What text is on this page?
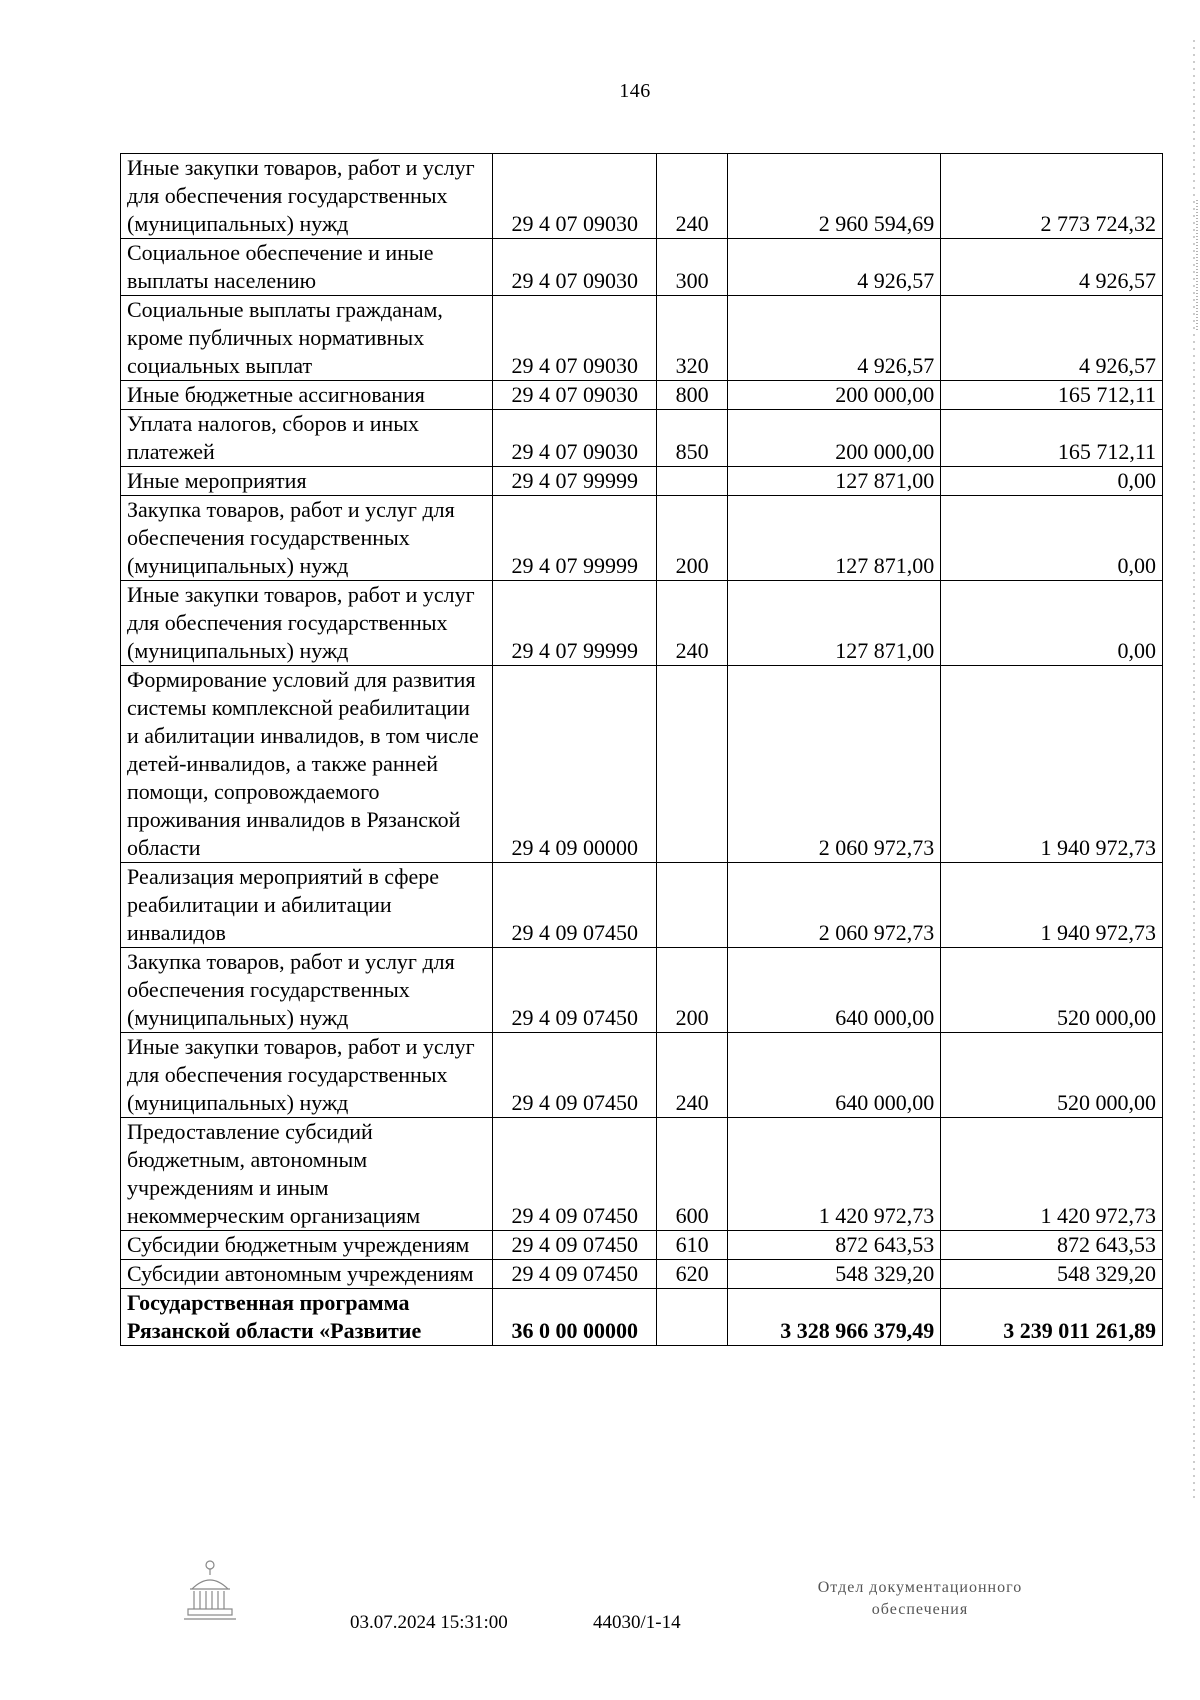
146
Иные закупки товаров, работ и услуг для обеспечения государственных (муниципальных) нужд	29 4 07 09030	240	2 960 594,69	2 773 724,32
Социальное обеспечение и иные выплаты населению	29 4 07 09030	300	4 926,57	4 926,57
Социальные выплаты гражданам, кроме публичных нормативных социальных выплат	29 4 07 09030	320	4 926,57	4 926,57
Иные бюджетные ассигнования	29 4 07 09030	800	200 000,00	165 712,11
Уплата налогов, сборов и иных платежей	29 4 07 09030	850	200 000,00	165 712,11
Иные мероприятия	29 4 07 99999		127 871,00	0,00
Закупка товаров, работ и услуг для обеспечения государственных (муниципальных) нужд	29 4 07 99999	200	127 871,00	0,00
Иные закупки товаров, работ и услуг для обеспечения государственных (муниципальных) нужд	29 4 07 99999	240	127 871,00	0,00
Формирование условий для развития системы комплексной реабилитации и абилитации инвалидов, в том числе детей-инвалидов, а также ранней помощи, сопровождаемого проживания инвалидов в Рязанской области	29 4 09 00000		2 060 972,73	1 940 972,73
Реализация мероприятий в сфере реабилитации и абилитации инвалидов	29 4 09 07450		2 060 972,73	1 940 972,73
Закупка товаров, работ и услуг для обеспечения государственных (муниципальных) нужд	29 4 09 07450	200	640 000,00	520 000,00
Иные закупки товаров, работ и услуг для обеспечения государственных (муниципальных) нужд	29 4 09 07450	240	640 000,00	520 000,00
Предоставление субсидий бюджетным, автономным учреждениям и иным некоммерческим организациям	29 4 09 07450	600	1 420 972,73	1 420 972,73
Субсидии бюджетным учреждениям	29 4 09 07450	610	872 643,53	872 643,53
Субсидии автономным учреждениям	29 4 09 07450	620	548 329,20	548 329,20
Государственная программа Рязанской области «Развитие	36 0 00 00000		3 328 966 379,49	3 239 011 261,89
03.07.2024 15:31:00	44030/1-14
Отдел документационного
обеспечения
